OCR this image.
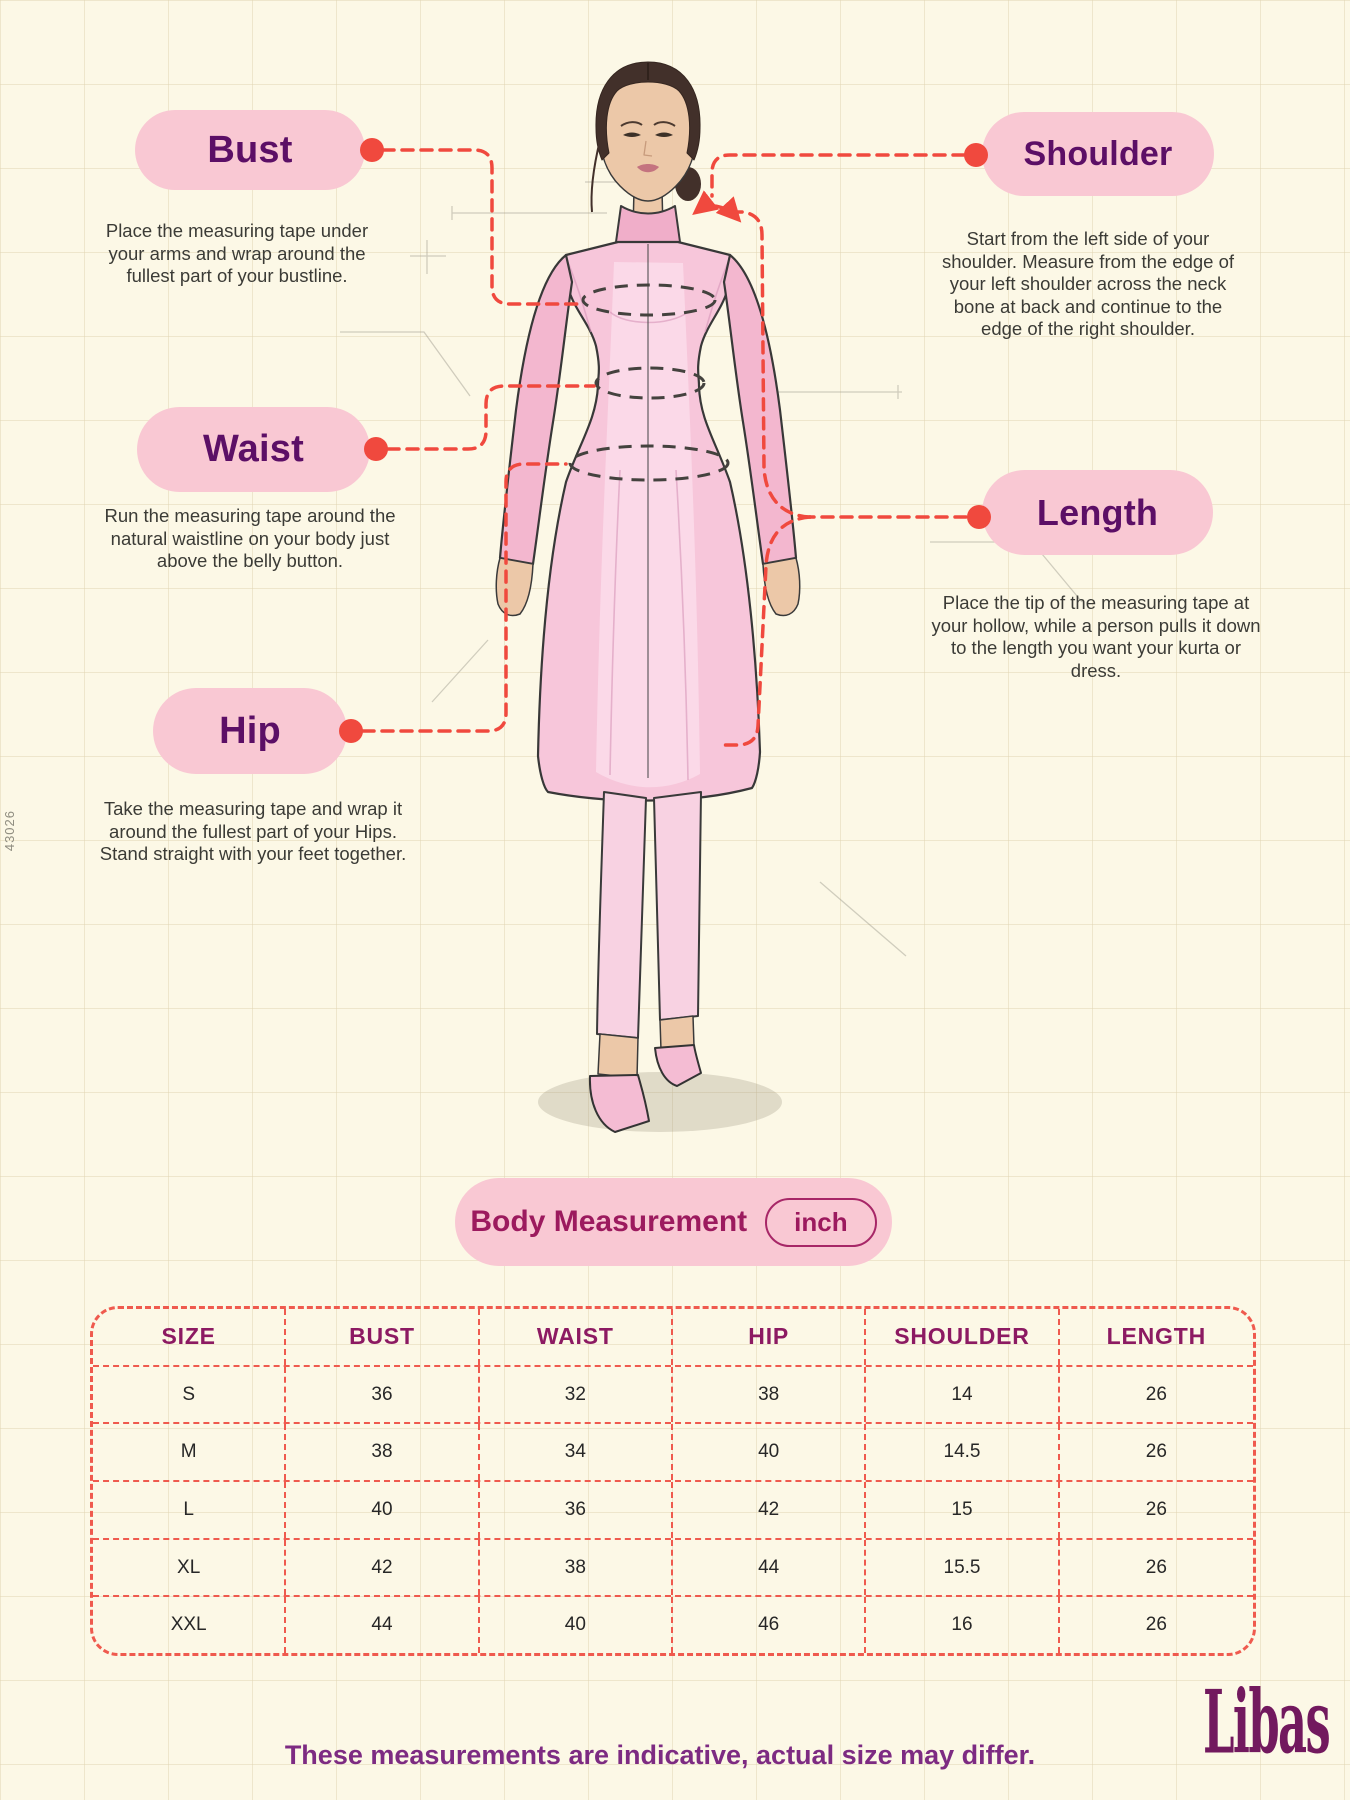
Bust

Place the measuring tape under your arms and wrap around the fullest part of your bustline.

Shoulder

Start from the left side of your shoulder. Measure from the edge of your left shoulder across the neck bone at back and continue to the edge of the right shoulder.

Waist

Run the measuring tape around the natural waistline on your body just above the belly button.

Length

Place the tip of the measuring tape at your hollow, while a person pulls it down to the length you want your kurta or dress.

Hip

Take the measuring tape and wrap it around the fullest part of your Hips. Stand straight with your feet together.

Body Measurement	inch
SIZE	BUST	WAIST	HIP	SHOULDER	LENGTH
S	36	32	38	14	26
M	38	34	40	14.5	26
L	40	36	42	15	26
XL	42	38	44	15.5	26
XXL	44	40	46	16	26
These measurements are indicative, actual size may differ.	Libas
43026
